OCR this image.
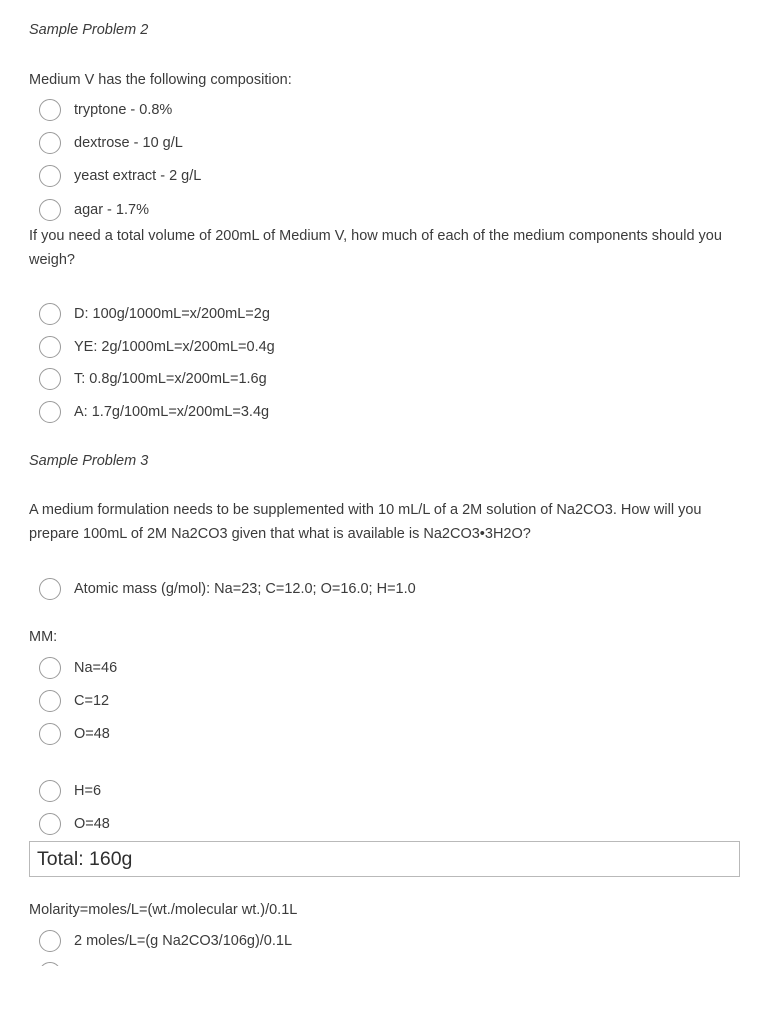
Sample Problem 2
Medium V has the following composition:
tryptone - 0.8%
dextrose - 10 g/L
yeast extract - 2 g/L
agar - 1.7%
If you need a total volume of 200mL of Medium V, how much of each of the medium components should you weigh?
D: 100g/1000mL=x/200mL=2g
YE: 2g/1000mL=x/200mL=0.4g
T: 0.8g/100mL=x/200mL=1.6g
A: 1.7g/100mL=x/200mL=3.4g
Sample Problem 3
A medium formulation needs to be supplemented with 10 mL/L of a 2M solution of Na2CO3. How will you prepare 100mL of 2M Na2CO3 given that what is available is Na2CO3•3H2O?
Atomic mass (g/mol): Na=23; C=12.0; O=16.0; H=1.0
MM:
Na=46
C=12
O=48
H=6
O=48
Total: 160g
Molarity=moles/L=(wt./molecular wt.)/0.1L
2 moles/L=(g Na2CO3/106g)/0.1L
